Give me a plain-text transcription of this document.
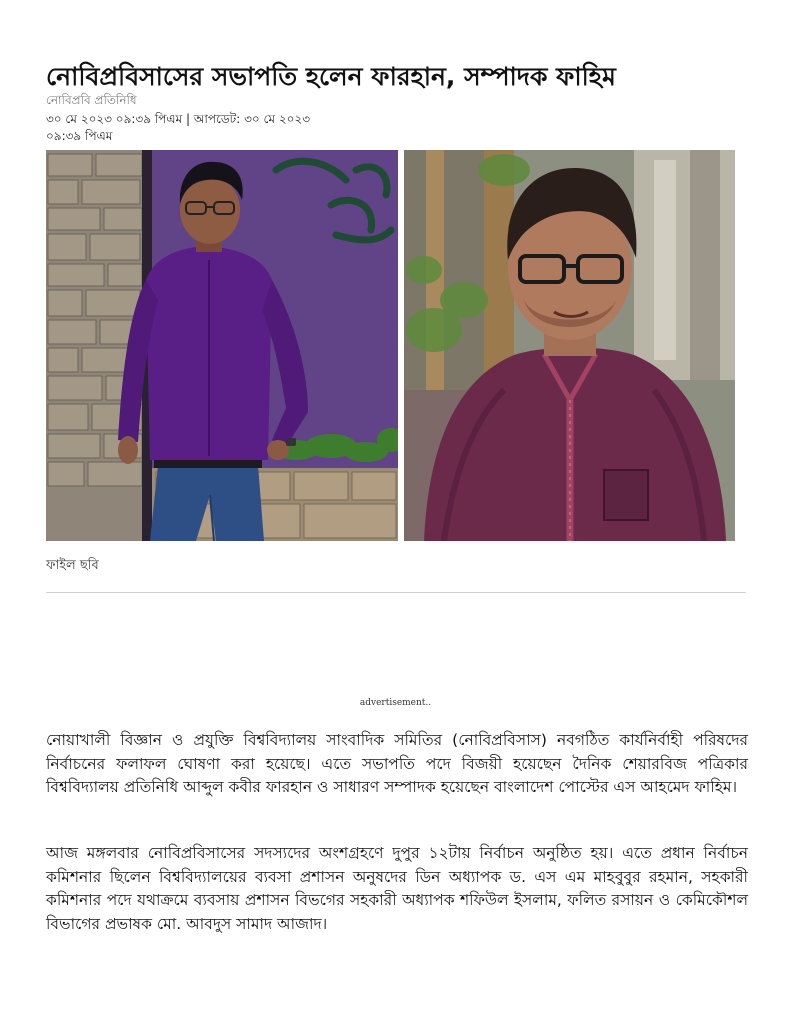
নোবিপ্রবিসাসের সভাপতি হলেন ফারহান, সম্পাদক ফাহিম
নোবিপ্রবি প্রতিনিধি
৩০ মে ২০২৩ ০৯:৩৯ পিএম | আপডেট: ৩০ মে ২০২৩ ০৯:৩৯ পিএম
ফাইল ছবি
advertisement..

নোয়াখালী বিজ্ঞান ও প্রযুক্তি বিশ্ববিদ্যালয় সাংবাদিক সমিতির (নোবিপ্রবিসাস) নবগঠিত কার্যনির্বাহী পরিষদের নির্বাচনের ফলাফল ঘোষণা করা হয়েছে। এতে সভাপতি পদে বিজয়ী হয়েছেন দৈনিক শেয়ারবিজ পত্রিকার বিশ্ববিদ্যালয় প্রতিনিধি আব্দুল কবীর ফারহান ও সাধারণ সম্পাদক হয়েছেন বাংলাদেশ পোস্টের এস আহমেদ ফাহিম।

আজ মঙ্গলবার নোবিপ্রবিসাসের সদস্যদের অংশগ্রহণে দুপুর ১২টায় নির্বাচন অনুষ্ঠিত হয়। এতে প্রধান নির্বাচন কমিশনার ছিলেন বিশ্ববিদ্যালয়ের ব্যবসা প্রশাসন অনুষদের ডিন অধ্যাপক ড. এস এম মাহবুবুর রহমান, সহকারী কমিশনার পদে যথাক্রমে ব্যবসায় প্রশাসন বিভগের সহকারী অধ্যাপক শফিউল ইসলাম, ফলিত রসায়ন ও কেমিকৌশল বিভাগের প্রভাষক মো. আবদুস সামাদ আজাদ।
